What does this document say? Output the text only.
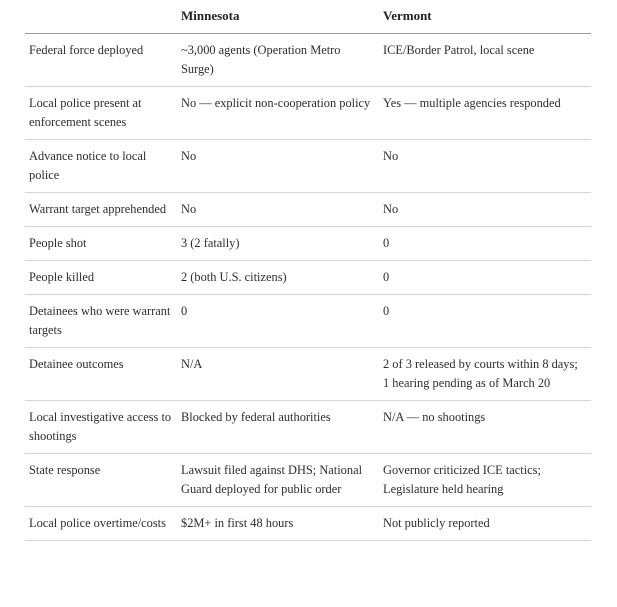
	Minnesota	Vermont
Federal force deployed	~3,000 agents (Operation Metro Surge)	ICE/Border Patrol, local scene
Local police present at enforcement scenes	No — explicit non-cooperation policy	Yes — multiple agencies responded
Advance notice to local police	No	No
Warrant target apprehended	No	No
People shot	3 (2 fatally)	0
People killed	2 (both U.S. citizens)	0
Detainees who were warrant targets	0	0
Detainee outcomes	N/A	2 of 3 released by courts within 8 days; 1 hearing pending as of March 20
Local investigative access to shootings	Blocked by federal authorities	N/A — no shootings
State response	Lawsuit filed against DHS; National Guard deployed for public order	Governor criticized ICE tactics; Legislature held hearing
Local police overtime/costs	$2M+ in first 48 hours	Not publicly reported
